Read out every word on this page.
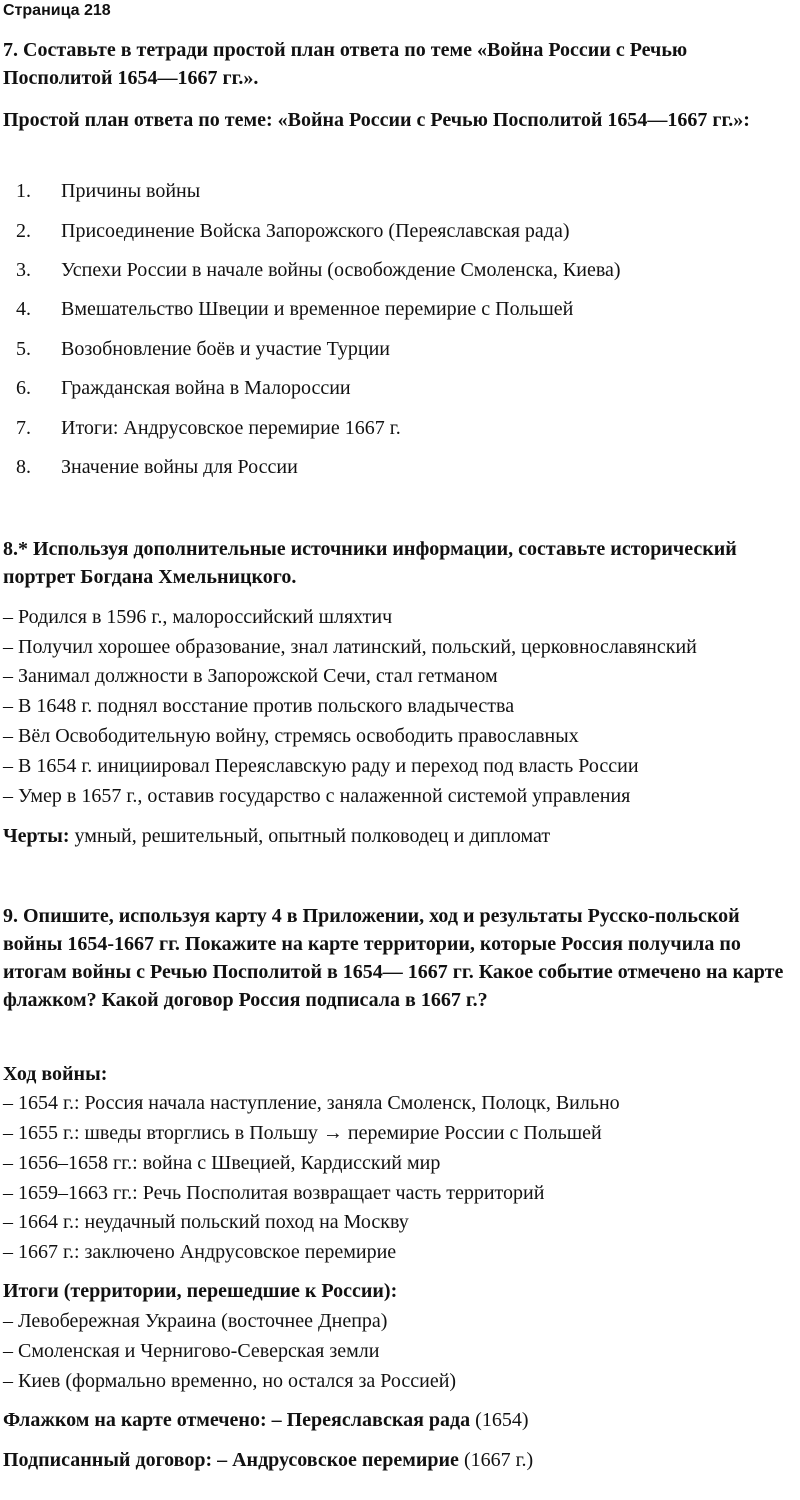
Страница 218
7. Составьте в тетради простой план ответа по теме «Война России с Речью Посполитой 1654—1667 гг.».
Простой план ответа по теме: «Война России с Речью Посполитой 1654—1667 гг.»:
1.	Причины войны
2.	Присоединение Войска Запорожского (Переяславская рада)
3.	Успехи России в начале войны (освобождение Смоленска, Киева)
4.	Вмешательство Швеции и временное перемирие с Польшей
5.	Возобновление боёв и участие Турции
6.	Гражданская война в Малороссии
7.	Итоги: Андрусовское перемирие 1667 г.
8.	Значение войны для России
8.* Используя дополнительные источники информации, составьте исторический портрет Богдана Хмельницкого.
– Родился в 1596 г., малороссийский шляхтич
– Получил хорошее образование, знал латинский, польский, церковнославянский
– Занимал должности в Запорожской Сечи, стал гетманом
– В 1648 г. поднял восстание против польского владычества
– Вёл Освободительную войну, стремясь освободить православных
– В 1654 г. инициировал Переяславскую раду и переход под власть России
– Умер в 1657 г., оставив государство с налаженной системой управления
Черты: умный, решительный, опытный полководец и дипломат
9. Опишите, используя карту 4 в Приложении, ход и результаты Русско-польской войны 1654-1667 гг. Покажите на карте территории, которые Россия получила по итогам войны с Речью Посполитой в 1654— 1667 гг. Какое событие отмечено на карте флажком? Какой договор Россия подписала в 1667 г.?
Ход войны:
– 1654 г.: Россия начала наступление, заняла Смоленск, Полоцк, Вильно
– 1655 г.: шведы вторглись в Польшу → перемирие России с Польшей
– 1656–1658 гг.: война с Швецией, Кардисский мир
– 1659–1663 гг.: Речь Посполитая возвращает часть территорий
– 1664 г.: неудачный польский поход на Москву
– 1667 г.: заключено Андрусовское перемирие
Итоги (территории, перешедшие к России):
– Левобережная Украина (восточнее Днепра)
– Смоленская и Чернигово-Северская земли
– Киев (формально временно, но остался за Россией)
Флажком на карте отмечено: – Переяславская рада (1654)
Подписанный договор: – Андрусовское перемирие (1667 г.)
